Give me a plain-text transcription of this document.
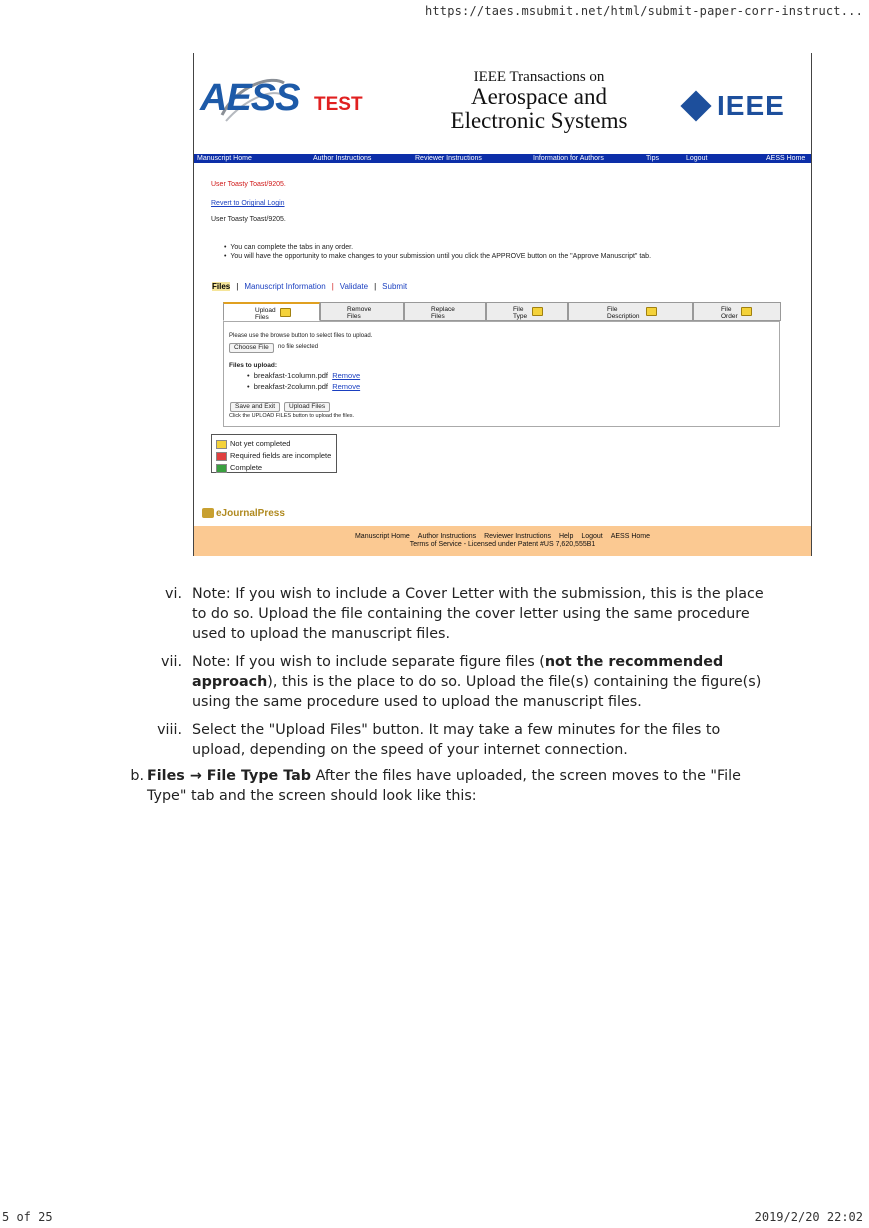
https://taes.msubmit.net/html/submit-paper-corr-instruct...
AESS TEST
IEEE Transactions on
Aerospace and
Electronic Systems	IEEE
Manuscript Home	Author Instructions	Reviewer Instructions	Information for Authors	Tips	Logout	AESS Home
User Toasty Toast/9205.
Revert to Original Login
User Toasty Toast/9205.
•  You can complete the tabs in any order.
•  You will have the opportunity to make changes to your submission until you click the APPROVE button on the "Approve Manuscript" tab.
Files | Manuscript Information | Validate | Submit
Upload
Files
Remove
Files
Replace
Files
File
Type
File
Description
File
Order
Please use the browse button to select files to upload.
Choose File	no file selected
Files to upload:
•  breakfast-1column.pdf Remove
•  breakfast-2column.pdf Remove
Save and Exit	Upload Files
Click the UPLOAD FILES button to upload the files.
Not yet completed
Required fields are incomplete
Complete
eJournalPress
Manuscript Home Author Instructions Reviewer Instructions Help Logout AESS Home
Terms of Service - Licensed under Patent #US 7,620,555B1
vi. Note: If you wish to include a Cover Letter with the submission, this is the place to do so. Upload the file containing the cover letter using the same procedure used to upload the manuscript files.
vii. Note: If you wish to include separate figure files (not the recommended approach), this is the place to do so. Upload the file(s) containing the figure(s) using the same procedure used to upload the manuscript files.
viii. Select the "Upload Files" button. It may take a few minutes for the files to upload, depending on the speed of your internet connection.
b. Files → File Type Tab After the files have uploaded, the screen moves to the "File Type" tab and the screen should look like this:
5 of 25	2019/2/20 22:02
